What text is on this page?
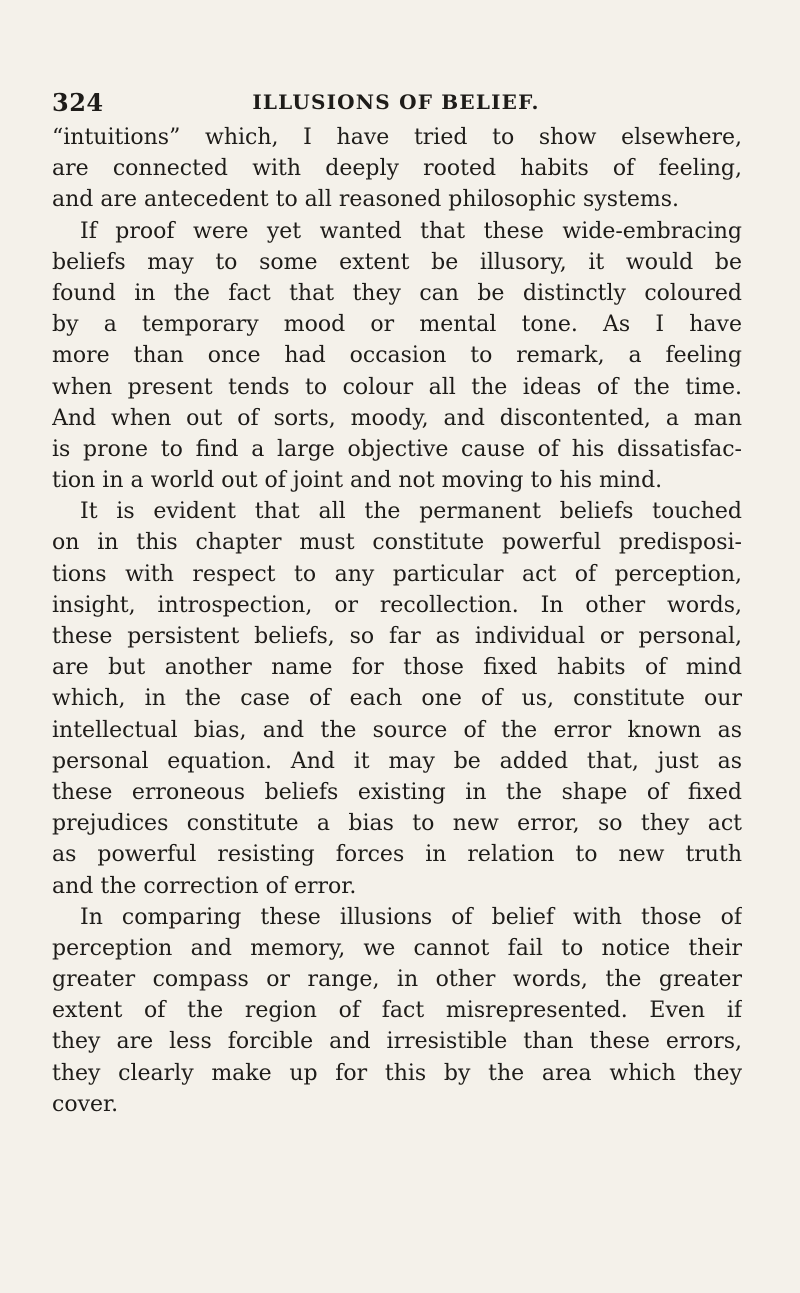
324	ILLUSIONS OF BELIEF.
“intuitions” which, I have tried to show elsewhere,
are connected with deeply rooted habits of feeling,
and are antecedent to all reasoned philosophic systems.
If proof were yet wanted that these wide-embracing
beliefs may to some extent be illusory, it would be
found in the fact that they can be distinctly coloured
by a temporary mood or mental tone. As I have
more than once had occasion to remark, a feeling
when present tends to colour all the ideas of the time.
And when out of sorts, moody, and discontented, a man
is prone to find a large objective cause of his dissatisfac-
tion in a world out of joint and not moving to his mind.
It is evident that all the permanent beliefs touched
on in this chapter must constitute powerful predisposi-
tions with respect to any particular act of perception,
insight, introspection, or recollection. In other words,
these persistent beliefs, so far as individual or personal,
are but another name for those fixed habits of mind
which, in the case of each one of us, constitute our
intellectual bias, and the source of the error known as
personal equation. And it may be added that, just as
these erroneous beliefs existing in the shape of fixed
prejudices constitute a bias to new error, so they act
as powerful resisting forces in relation to new truth
and the correction of error.
In comparing these illusions of belief with those of
perception and memory, we cannot fail to notice their
greater compass or range, in other words, the greater
extent of the region of fact misrepresented. Even if
they are less forcible and irresistible than these errors,
they clearly make up for this by the area which they
cover.
